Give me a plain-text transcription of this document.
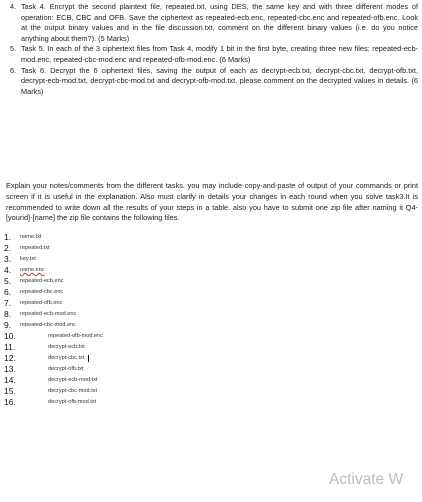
4. Task 4. Encrypt the second plaintext file, repeated.txt, using DES, the same key and with three different modes of operation: ECB, CBC and OFB. Save the ciphertext as repeated-ecb.enc, repeated-cbc.enc and repeated-ofb.enc. Look at the output binary values and in the file discussion.txt, comment on the different binary values (i.e. do you notice anything about them?). (5 Marks)
5. Task 5. In each of the 3 ciphertext files from Task 4, modify 1 bit in the first byte, creating three new files: repeated-ecb-mod.enc, repeated-cbc-mod.enc and repeated-ofb-mod.enc. (6 Marks)
6. Task 6. Decrypt the 6 ciphertext files, saving the output of each as decrypt-ecb.txt, decrypt-cbc.txt, decrypt-ofb.txt, decrypt-ecb-mod.txt, decrypt-cbc-mod.txt and decrypt-ofb-mod.txt. please comment on the decrypted values in details. (6 Marks)
Explain your notes/comments from the different tasks. you may include copy-and-paste of output of your commands or print screen if it is useful in the explanation. Also must clarify in details your changes in each round when you solve task3.It is recommended to write down all the results of your steps in a table. also you have to submit one zip file after naming it Q4-[yourid]-[name] the zip file contains the following files.
1. name.txt
2. repeated.txt
3. key.txt
4. name.enc
5. repeated-ecb.enc
6. repeated-cbc.enc
7. repeated-ofb.enc
8. repeated-ecb-mod.enc
9. repeated-cbc-mod.enc
10.	repeated-ofb-mod.enc
11.	decrypt-ecb.txt
12.	decrypt-cbc.txt
13.	decrypt-ofb.txt
14.	decrypt-ecb-mod.txt
15.	decrypt-cbc-mod.txt
16.	decrypt-ofb-mod.txt
Activate W
